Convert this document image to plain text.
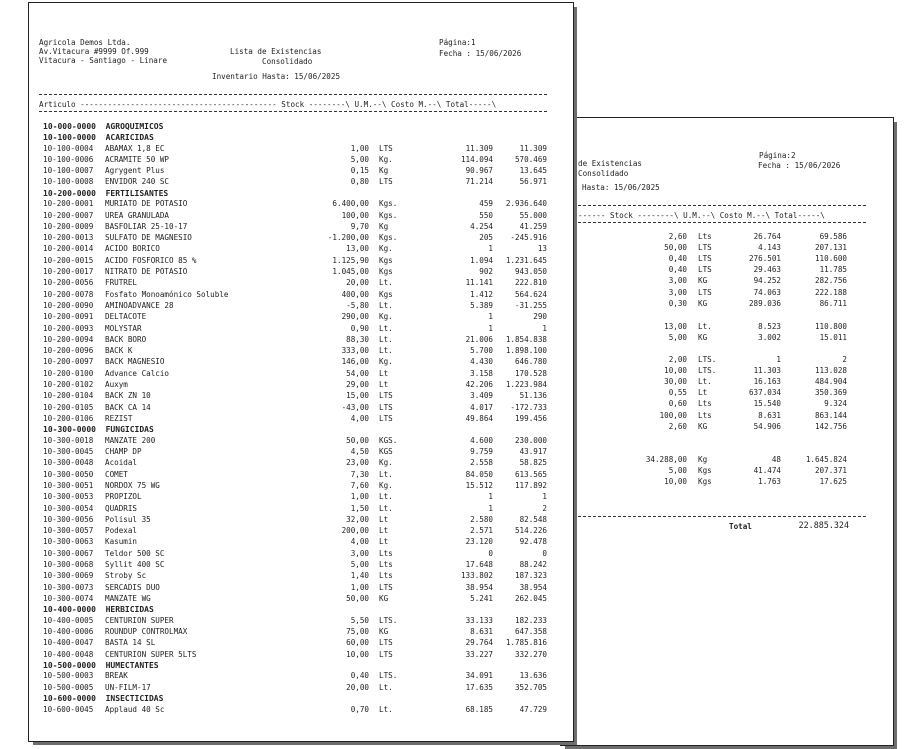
de Existencias
Consolidado
Hasta: 15/06/2025
Página:2
Fecha : 15/06/2026
------ Stock --------\ U.M.--\ Costo M.--\ Total-----\
2,60 Lts	26.764	69.586
50,00 LTS	4.143	207.131
0,40 LTS	276.501	110.600
0,40 LTS	29.463	11.785
3,00 KG	94.252	282.756
3,00 LTS	74.063	222.188
0,30 KG	289.036	86.711
13,00 Lt.	8.523	110.800
5,00 KG	3.002	15.011
2,00 LTS.	1	2
10,00 LTS.	11.303	113.028
30,00 Lt.	16.163	484.904
0,55 Lt	637.034	350.369
0,60 Lts	15.540	9.324
100,00 Lts	8.631	863.144
2,60 KG	54.906	142.756
34.288,00 Kg	48	1.645.824
5,00 Kgs	41.474	207.371
10,00 Kgs	1.763	17.625
Total	22.885.324
Agricola Demos Ltda.
Av.Vitacura #9999 Of.999
Vitacura - Santiago - Linare
Lista de Existencias
Consolidado
Inventario Hasta: 15/06/2025
Página:1
Fecha : 15/06/2026
Articulo ------------------------------------------- Stock --------\ U.M.--\ Costo M.--\ Total-----\
10-000-0000  AGROQUIMICOS
10-100-0000  ACARICIDAS
10-100-0004 ABAMAX 1,8 EC	1,00 LTS	11.309	11.309
10-100-0006 ACRAMITE 50 WP	5,00 Kg.	114.094	570.469
10-100-0007 Agrygent Plus	0,15 Kg	90.967	13.645
10-100-0008 ENVIDOR 240 SC	0,80 LTS	71.214	56.971
10-200-0000  FERTILISANTES
10-200-0001 MURIATO DE POTASIO	6.400,00 Kgs.	459	2.936.640
10-200-0007 UREA GRANULADA	100,00 Kgs.	550	55.000
10-200-0009 BASFOLIAR 25-10-17	9,70 Kg	4.254	41.259
10-200-0013 SULFATO DE MAGNESIO	-1.200,00 Kgs.	205	-245.916
10-200-0014 ACIDO BORICO	13,00 Kg.	1	13
10-200-0015 ACIDO FOSFORICO 85 %	1.125,90 Kgs	1.094	1.231.645
10-200-0017 NITRATO DE POTASIO	1.045,00 Kgs	902	943.050
10-200-0056 FRUTREL	20,00 Lt.	11.141	222.810
10-200-0078 Fosfato Monoamónico Soluble	400,00 Kgs	1.412	564.624
10-200-0090 AMINOADVANCE 28	-5,80 Lt.	5.389	-31.255
10-200-0091 DELTACOTE	290,00 Kg.	1	290
10-200-0093 MOLYSTAR	0,90 Lt.	1	1
10-200-0094 BACK BORO	88,30 Lt.	21.006	1.854.838
10-200-0096 BACK K	333,00 Lt.	5.700	1.898.100
10-200-0097 BACK MAGNESIO	146,00 Kg.	4.430	646.780
10-200-0100 Advance Calcio	54,00 Lt	3.158	170.528
10-200-0102 Auxym	29,00 Lt	42.206	1.223.984
10-200-0104 BACK ZN 10	15,00 LTS	3.409	51.136
10-200-0105 BACK CA 14	-43,00 LTS	4.017	-172.733
10-200-0106 REZIST	4,00 LTS	49.864	199.456
10-300-0000  FUNGICIDAS
10-300-0018 MANZATE 200	50,00 KGS.	4.600	230.000
10-300-0045 CHAMP DP	4,50 KGS	9.759	43.917
10-300-0048 Acoidal	23,00 Kg.	2.558	58.825
10-300-0050 COMET	7,30 Lt.	84.050	613.565
10-300-0051 NORDOX 75 WG	7,60 Kg.	15.512	117.892
10-300-0053 PROPIZOL	1,00 Lt.	1	1
10-300-0054 QUADRIS	1,50 Lt.	1	2
10-300-0056 Polisul 35	32,00 Lt	2.580	82.548
10-300-0057 Podexal	200,00 Lt	2.571	514.226
10-300-0063 Kasumin	4,00 Lt	23.120	92.478
10-300-0067 Teldor 500 SC	3,00 Lts	0	0
10-300-0068 Syllit 400 SC	5,00 Lts	17.648	88.242
10-300-0069 Stroby Sc	1,40 Lts	133.802	187.323
10-300-0073 SERCADIS DUO	1,00 LTS	38.954	38.954
10-300-0074 MANZATE WG	50,00 KG	5.241	262.045
10-400-0000  HERBICIDAS
10-400-0005 CENTURION SUPER	5,50 LTS.	33.133	182.233
10-400-0006 ROUNDUP CONTROLMAX	75,00 KG	8.631	647.358
10-400-0047 BASTA 14 SL	60,00 LTS	29.764	1.785.816
10-400-0048 CENTURION SUPER 5LTS	10,00 LTS	33.227	332.270
10-500-0000  HUMECTANTES
10-500-0003 BREAK	0,40 LTS.	34.091	13.636
10-500-0005 UN-FILM-17	20,00 Lt.	17.635	352.705
10-600-0000  INSECTICIDAS
10-600-0045 Applaud 40 Sc	0,70 Lt.	68.185	47.729
